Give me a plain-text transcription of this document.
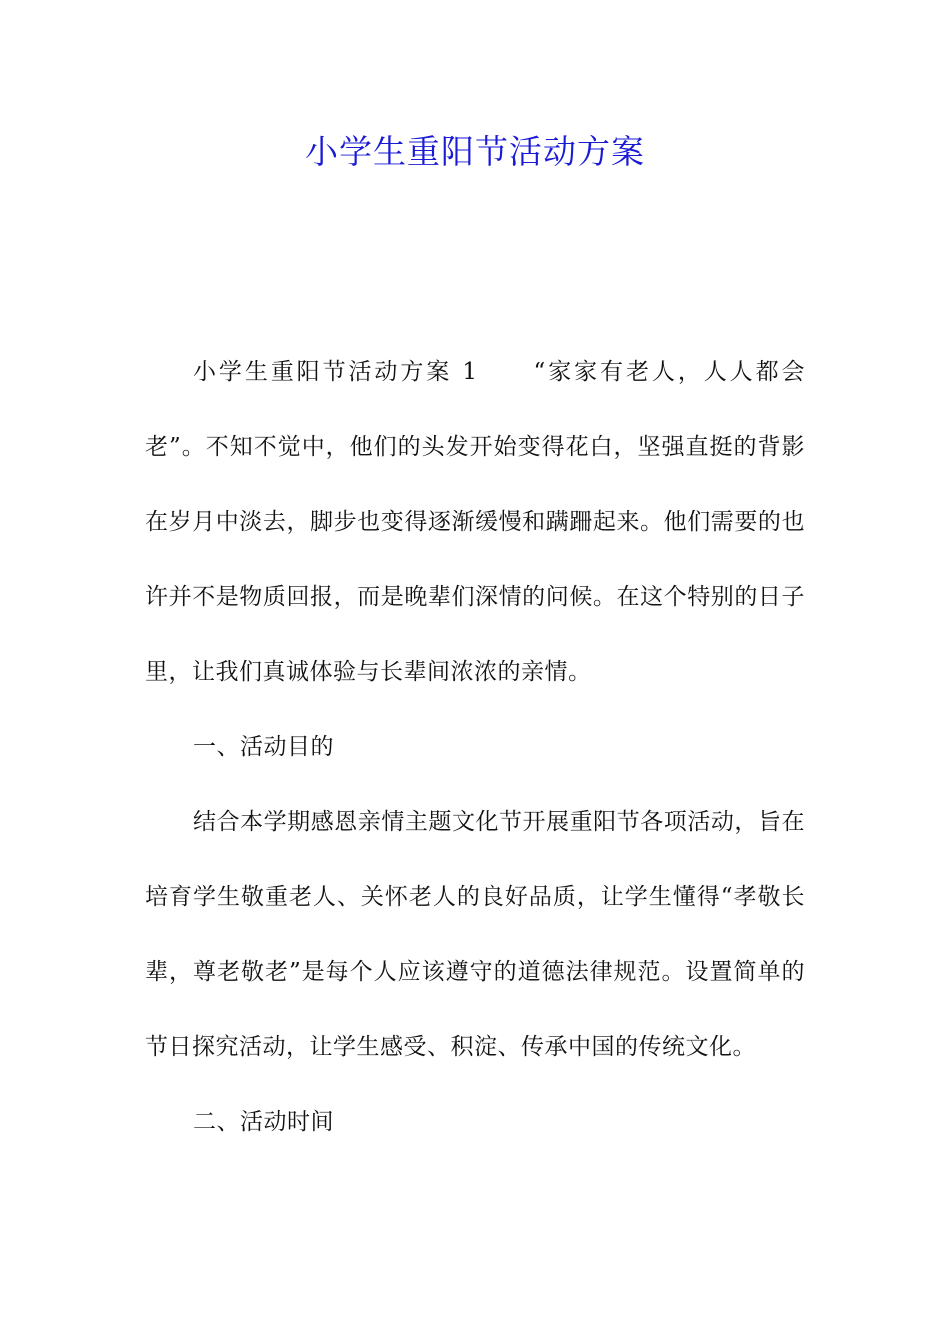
小学生重阳节活动方案

小学生重阳节活动方案 1 “家家有老人，人人都会老”。不知不觉中，他们的头发开始变得花白，坚强直挺的背影在岁月中淡去，脚步也变得逐渐缓慢和蹒跚起来。他们需要的也许并不是物质回报，而是晚辈们深情的问候。在这个特别的日子里，让我们真诚体验与长辈间浓浓的亲情。

一、活动目的

结合本学期感恩亲情主题文化节开展重阳节各项活动，旨在培育学生敬重老人、关怀老人的良好品质，让学生懂得“孝敬长辈，尊老敬老”是每个人应该遵守的道德法律规范。设置简单的节日探究活动，让学生感受、积淀、传承中国的传统文化。

二、活动时间
